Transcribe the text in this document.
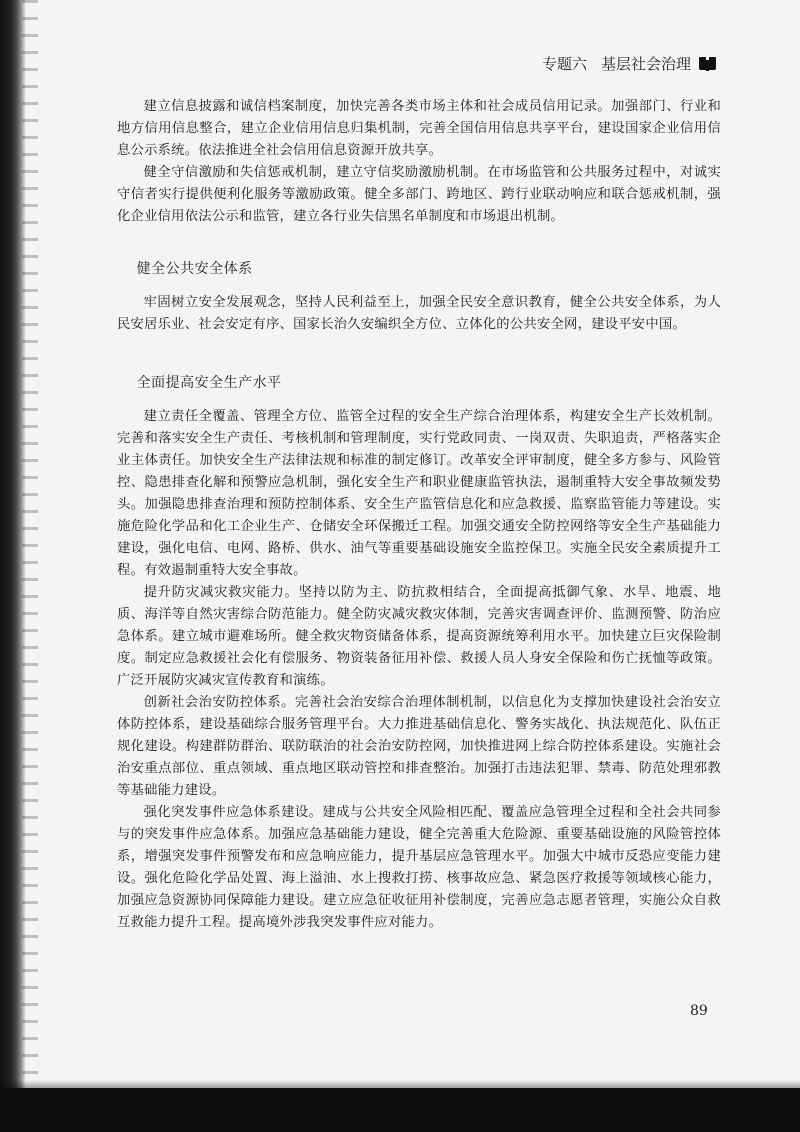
专题六 基层社会治理

建立信息披露和诚信档案制度，加快完善各类市场主体和社会成员信用记录。加强部门、行业和地方信用信息整合，建立企业信用信息归集机制，完善全国信用信息共享平台，建设国家企业信用信息公示系统。依法推进全社会信用信息资源开放共享。

健全守信激励和失信惩戒机制，建立守信奖励激励机制。在市场监管和公共服务过程中，对诚实守信者实行提供便利化服务等激励政策。健全多部门、跨地区、跨行业联动响应和联合惩戒机制，强化企业信用依法公示和监管，建立各行业失信黑名单制度和市场退出机制。

健全公共安全体系

牢固树立安全发展观念，坚持人民利益至上，加强全民安全意识教育，健全公共安全体系，为人民安居乐业、社会安定有序、国家长治久安编织全方位、立体化的公共安全网，建设平安中国。

全面提高安全生产水平

建立责任全覆盖、管理全方位、监管全过程的安全生产综合治理体系，构建安全生产长效机制。完善和落实安全生产责任、考核机制和管理制度，实行党政同责、一岗双责、失职追责，严格落实企业主体责任。加快安全生产法律法规和标准的制定修订。改革安全评审制度，健全多方参与、风险管控、隐患排查化解和预警应急机制，强化安全生产和职业健康监管执法，遏制重特大安全事故频发势头。加强隐患排查治理和预防控制体系、安全生产监管信息化和应急救援、监察监管能力等建设。实施危险化学品和化工企业生产、仓储安全环保搬迁工程。加强交通安全防控网络等安全生产基础能力建设，强化电信、电网、路桥、供水、油气等重要基础设施安全监控保卫。实施全民安全素质提升工程。有效遏制重特大安全事故。

提升防灾减灾救灾能力。坚持以防为主、防抗救相结合，全面提高抵御气象、水旱、地震、地质、海洋等自然灾害综合防范能力。健全防灾减灾救灾体制，完善灾害调查评价、监测预警、防治应急体系。建立城市避难场所。健全救灾物资储备体系，提高资源统筹利用水平。加快建立巨灾保险制度。制定应急救援社会化有偿服务、物资装备征用补偿、救援人员人身安全保险和伤亡抚恤等政策。广泛开展防灾减灾宣传教育和演练。

创新社会治安防控体系。完善社会治安综合治理体制机制，以信息化为支撑加快建设社会治安立体防控体系，建设基础综合服务管理平台。大力推进基础信息化、警务实战化、执法规范化、队伍正规化建设。构建群防群治、联防联治的社会治安防控网，加快推进网上综合防控体系建设。实施社会治安重点部位、重点领域、重点地区联动管控和排查整治。加强打击违法犯罪、禁毒、防范处理邪教等基础能力建设。

强化突发事件应急体系建设。建成与公共安全风险相匹配、覆盖应急管理全过程和全社会共同参与的突发事件应急体系。加强应急基础能力建设，健全完善重大危险源、重要基础设施的风险管控体系，增强突发事件预警发布和应急响应能力，提升基层应急管理水平。加强大中城市反恐应变能力建设。强化危险化学品处置、海上溢油、水上搜救打捞、核事故应急、紧急医疗救援等领域核心能力，加强应急资源协同保障能力建设。建立应急征收征用补偿制度，完善应急志愿者管理，实施公众自救互救能力提升工程。提高境外涉我突发事件应对能力。

89
